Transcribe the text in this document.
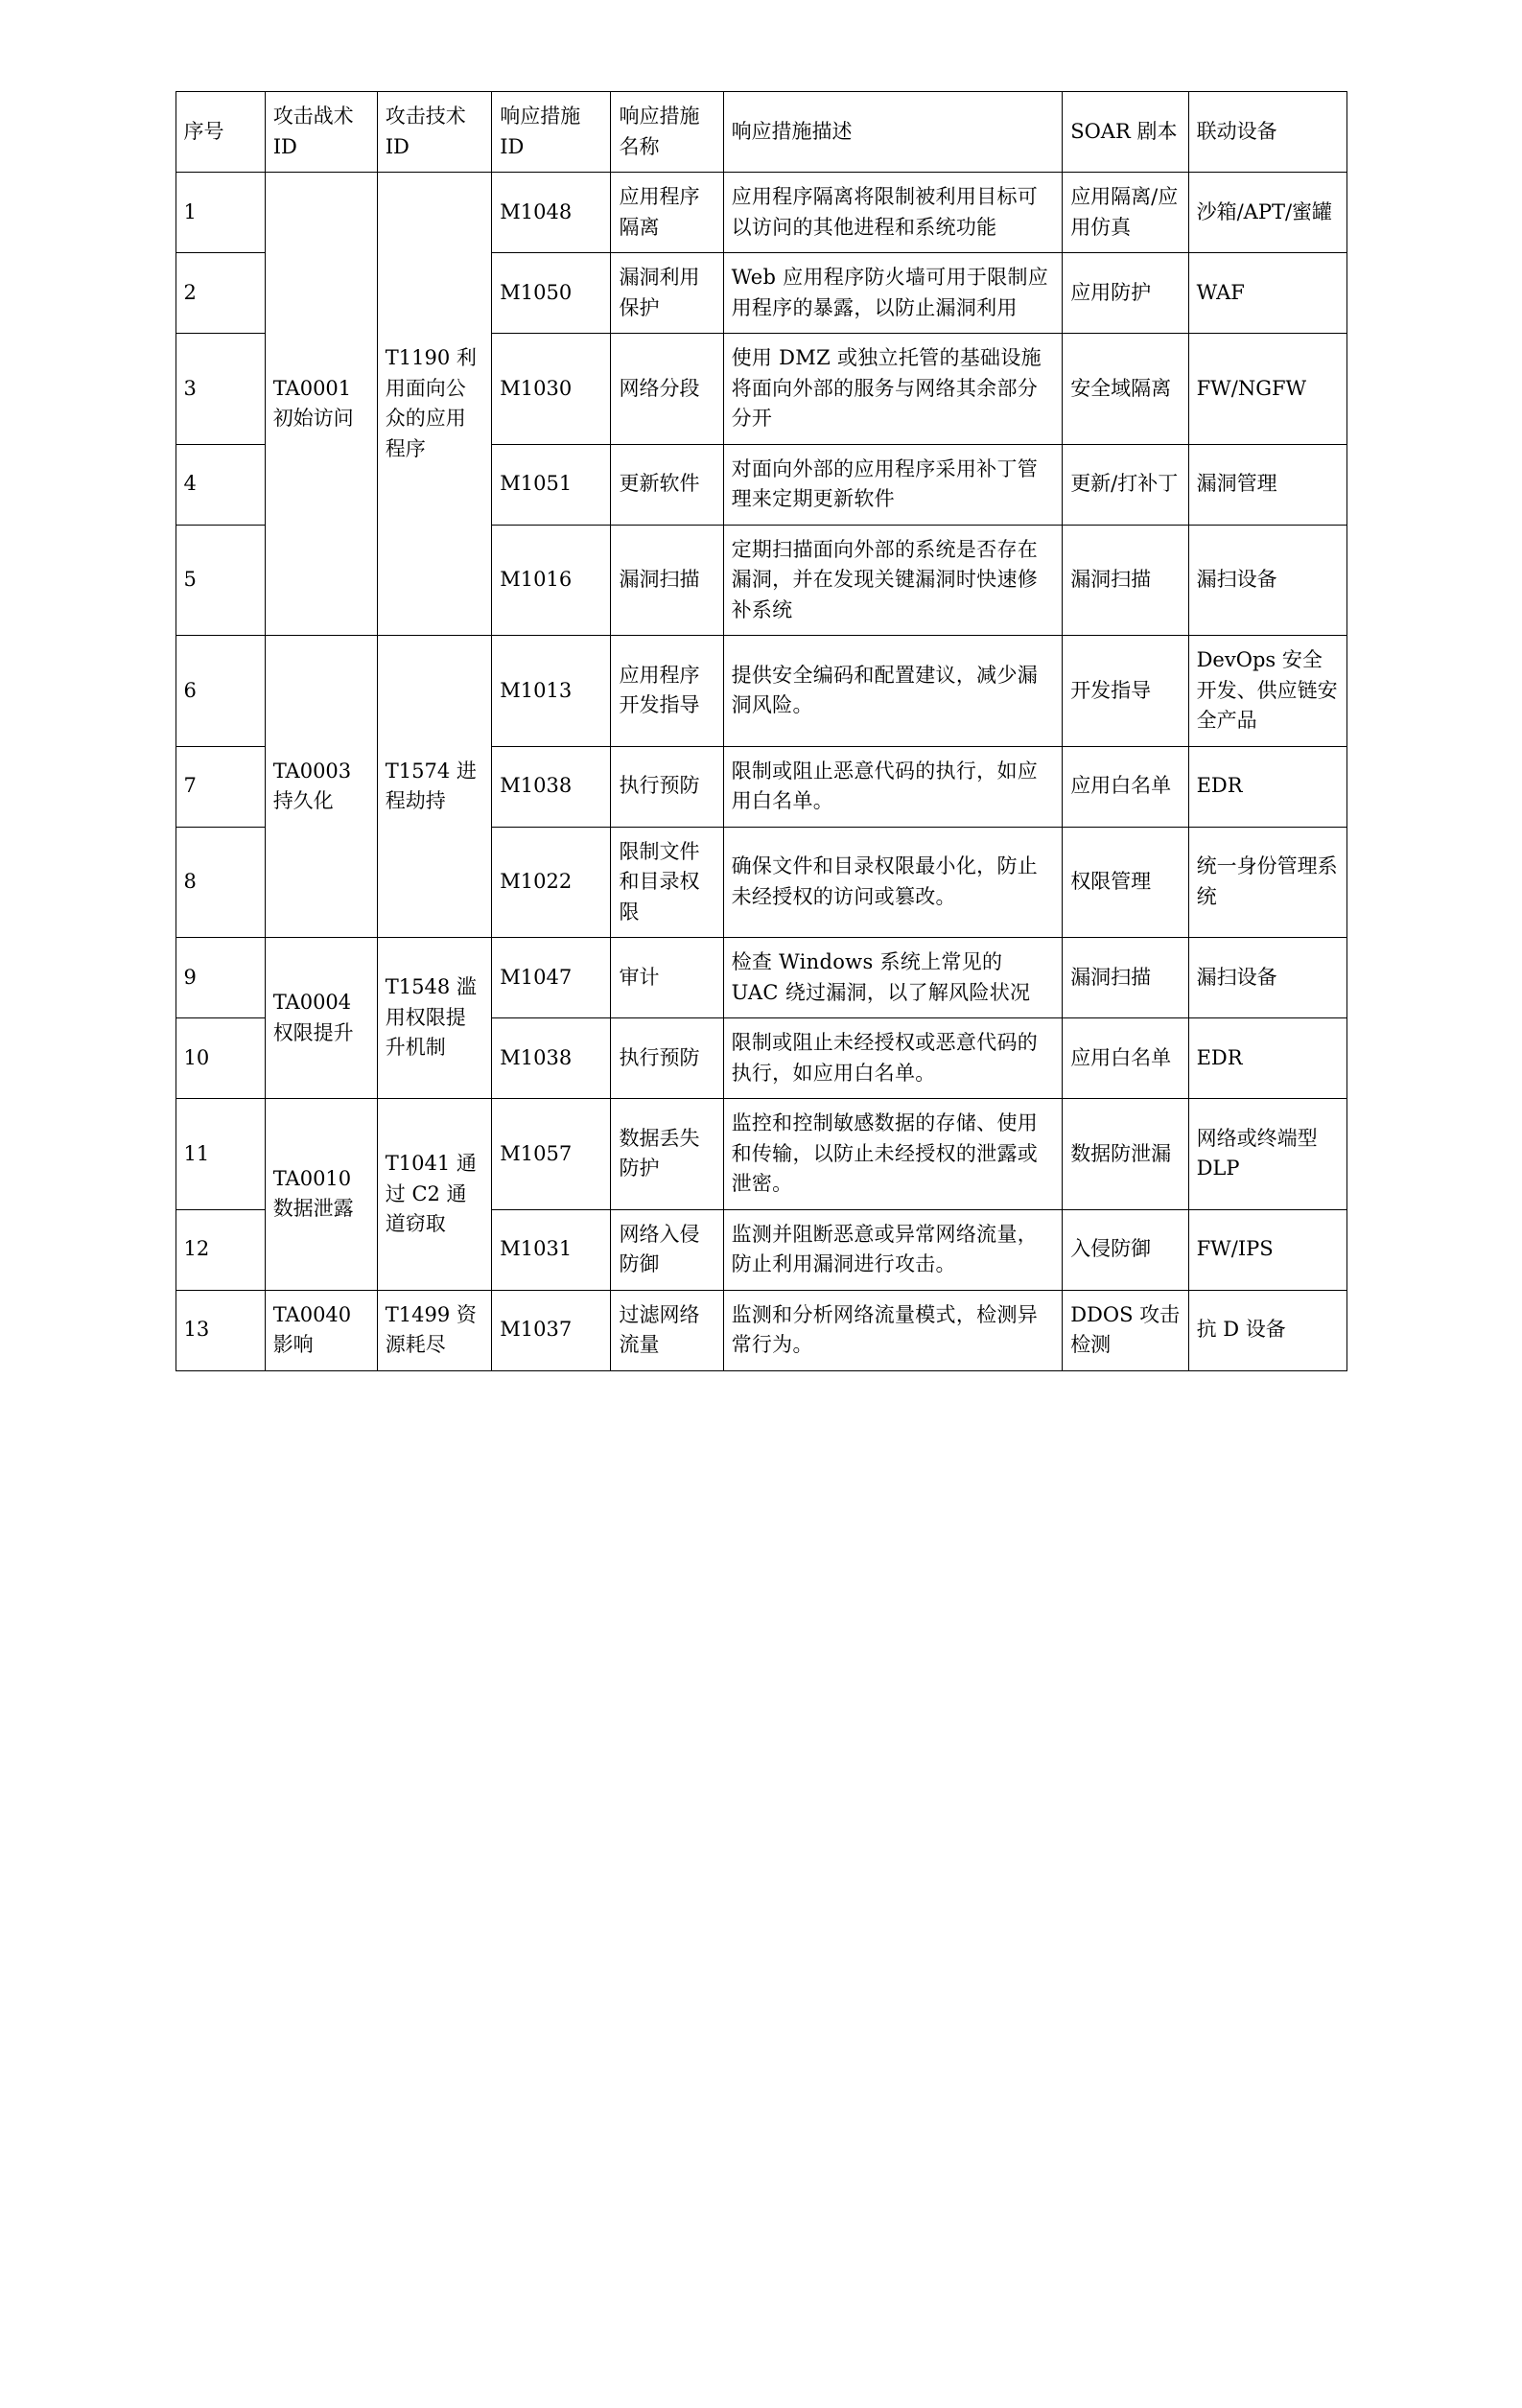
序号	攻击战术 ID	攻击技术 ID	响应措施 ID	响应措施名称	响应措施描述	SOAR 剧本	联动设备
1	TA0001 初始访问	T1190 利用面向公众的应用程序	M1048	应用程序隔离	应用程序隔离将限制被利用目标可以访问的其他进程和系统功能	应用隔离/应用仿真	沙箱/APT/蜜罐
2			M1050	漏洞利用保护	Web 应用程序防火墙可用于限制应用程序的暴露，以防止漏洞利用	应用防护	WAF
3			M1030	网络分段	使用 DMZ 或独立托管的基础设施将面向外部的服务与网络其余部分分开	安全域隔离	FW/NGFW
4			M1051	更新软件	对面向外部的应用程序采用补丁管理来定期更新软件	更新/打补丁	漏洞管理
5			M1016	漏洞扫描	定期扫描面向外部的系统是否存在漏洞，并在发现关键漏洞时快速修补系统	漏洞扫描	漏扫设备
6	TA0003 持久化	T1574 进程劫持	M1013	应用程序开发指导	提供安全编码和配置建议，减少漏洞风险。	开发指导	DevOps 安全开发、供应链安全产品
7			M1038	执行预防	限制或阻止恶意代码的执行，如应用白名单。	应用白名单	EDR
8			M1022	限制文件和目录权限	确保文件和目录权限最小化，防止未经授权的访问或篡改。	权限管理	统一身份管理系统
9	TA0004 权限提升	T1548 滥用权限提升机制	M1047	审计	检查 Windows 系统上常见的 UAC 绕过漏洞，以了解风险状况	漏洞扫描	漏扫设备
10			M1038	执行预防	限制或阻止未经授权或恶意代码的执行，如应用白名单。	应用白名单	EDR
11	TA0010 数据泄露	T1041 通过 C2 通道窃取	M1057	数据丢失防护	监控和控制敏感数据的存储、使用和传输，以防止未经授权的泄露或泄密。	数据防泄漏	网络或终端型DLP
12			M1031	网络入侵防御	监测并阻断恶意或异常网络流量，防止利用漏洞进行攻击。	入侵防御	FW/IPS
13	TA0040 影响	T1499 资源耗尽	M1037	过滤网络流量	监测和分析网络流量模式，检测异常行为。	DDOS 攻击检测	抗 D 设备
